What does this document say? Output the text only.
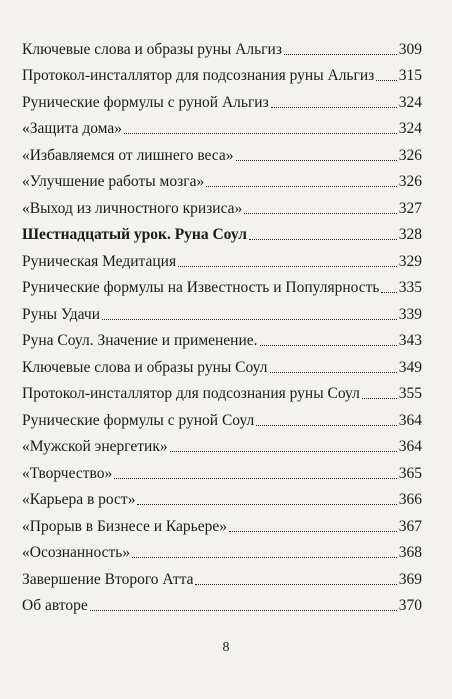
Ключевые слова и образы руны Альгиз	309
Протокол-инсталлятор для подсознания руны Альгиз 315
Рунические формулы с руной Альгиз	324
«Защита дома»	324
«Избавляемся от лишнего веса»	326
«Улучшение работы мозга»	326
«Выход из личностного кризиса»	327
Шестнадцатый урок. Руна Соул	328
Руническая Медитация	329
Рунические формулы на Известность и Популярность 335
Руны Удачи	339
Руна Соул. Значение и применение.	343
Ключевые слова и образы руны Соул	349
Протокол-инсталлятор для подсознания руны Соул	355
Рунические формулы с руной Соул	364
«Мужской энергетик»	364
«Творчество»	365
«Карьера в рост»	366
«Прорыв в Бизнесе и Карьере»	367
«Осознанность»	368
Завершение Второго Атта	369
Об авторе	370
8
